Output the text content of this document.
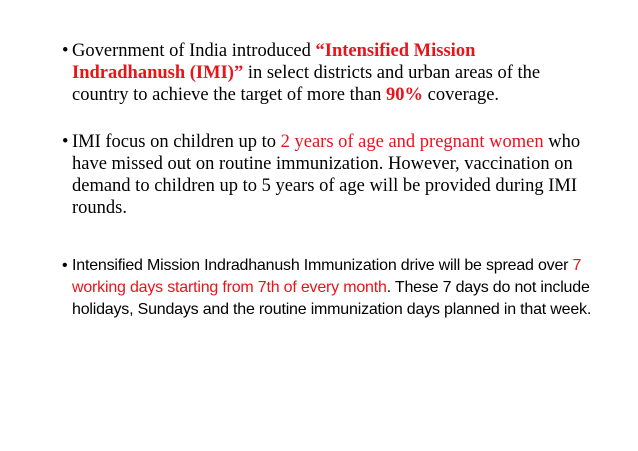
• Government of India introduced “Intensified Mission Indradhanush (IMI)” in select districts and urban areas of the country to achieve the target of more than 90% coverage.
• IMI focus on children up to 2 years of age and pregnant women who have missed out on routine immunization. However, vaccination on demand to children up to 5 years of age will be provided during IMI rounds.
• Intensified Mission Indradhanush Immunization drive will be spread over 7 working days starting from 7th of every month. These 7 days do not include holidays, Sundays and the routine immunization days planned in that week.
